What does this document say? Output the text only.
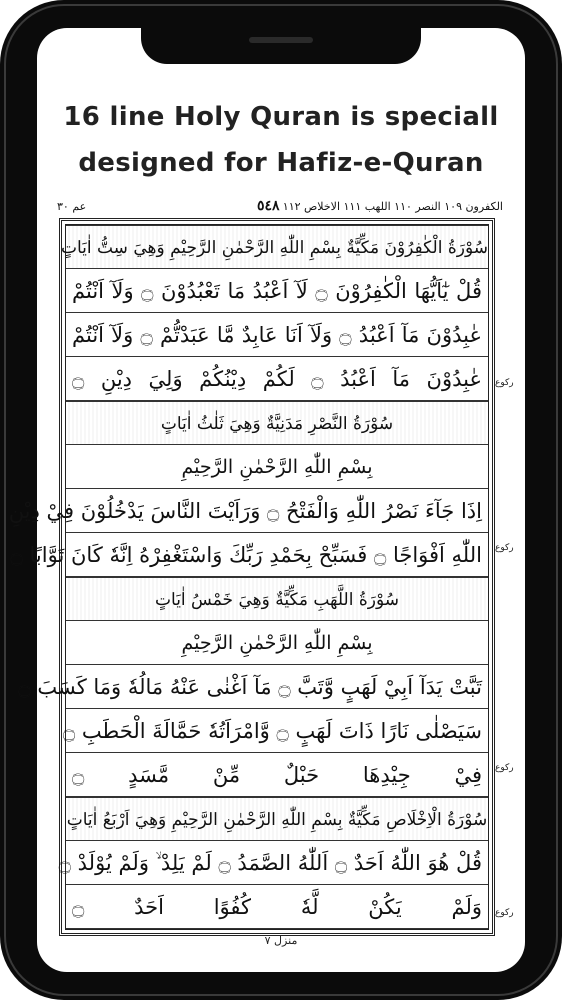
16 line Holy Quran is speciall
designed for Hafiz-e-Quran
عم ٣٠	٥٤٨ الكفرون ١٠٩ النصر ١١٠ اللهب ١١١ الاخلاص ١١٢
سُوْرَةُ الْكٰفِرُوْنَ مَكِّيَّةٌ بِسْمِ اللّٰهِ الرَّحْمٰنِ الرَّحِيْمِ وَهِيَ سِتُّ اٰيَاتٍ
قُلْ يٰٓاَيُّهَا الْكٰفِرُوْنَ ۝ لَآ اَعْبُدُ مَا تَعْبُدُوْنَ ۝ وَلَآ اَنْتُمْ
عٰبِدُوْنَ مَآ اَعْبُدُ ۝ وَلَآ اَنَا عَابِدٌ مَّا عَبَدْتُّمْ ۝ وَلَآ اَنْتُمْ
عٰبِدُوْنَ مَآ اَعْبُدُ ۝ لَكُمْ دِيْنُكُمْ وَلِيَ دِيْنِ ۝
سُوْرَةُ النَّصْرِ مَدَنِيَّةٌ وَهِيَ ثَلٰثُ اٰيَاتٍ
بِسْمِ اللّٰهِ الرَّحْمٰنِ الرَّحِيْمِ
اِذَا جَآءَ نَصْرُ اللّٰهِ وَالْفَتْحُ ۝ وَرَاَيْتَ النَّاسَ يَدْخُلُوْنَ فِيْ دِيْنِ
اللّٰهِ اَفْوَاجًا ۝ فَسَبِّحْ بِحَمْدِ رَبِّكَ وَاسْتَغْفِرْهُ اِنَّهٗ كَانَ تَوَّابًا ۝
سُوْرَةُ اللَّهَبِ مَكِّيَّةٌ وَهِيَ خَمْسُ اٰيَاتٍ
بِسْمِ اللّٰهِ الرَّحْمٰنِ الرَّحِيْمِ
تَبَّتْ يَدَآ اَبِيْ لَهَبٍ وَّتَبَّ ۝ مَآ اَغْنٰى عَنْهُ مَالُهٗ وَمَا كَسَبَ ۝
سَيَصْلٰى نَارًا ذَاتَ لَهَبٍ ۝ وَّامْرَاَتُهٗ حَمَّالَةَ الْحَطَبِ ۝
فِيْ جِيْدِهَا حَبْلٌ مِّنْ مَّسَدٍ ۝
سُوْرَةُ الْاِخْلَاصِ مَكِّيَّةٌ بِسْمِ اللّٰهِ الرَّحْمٰنِ الرَّحِيْمِ وَهِيَ اَرْبَعُ اٰيَاتٍ
قُلْ هُوَ اللّٰهُ اَحَدٌ ۝ اَللّٰهُ الصَّمَدُ ۝ لَمْ يَلِدْ ۙ وَلَمْ يُوْلَدْ ۝
وَلَمْ يَكُنْ لَّهٗ كُفُوًا اَحَدٌ ۝
ركوع
ركوع
ركوع
ركوع
منزل ٧
